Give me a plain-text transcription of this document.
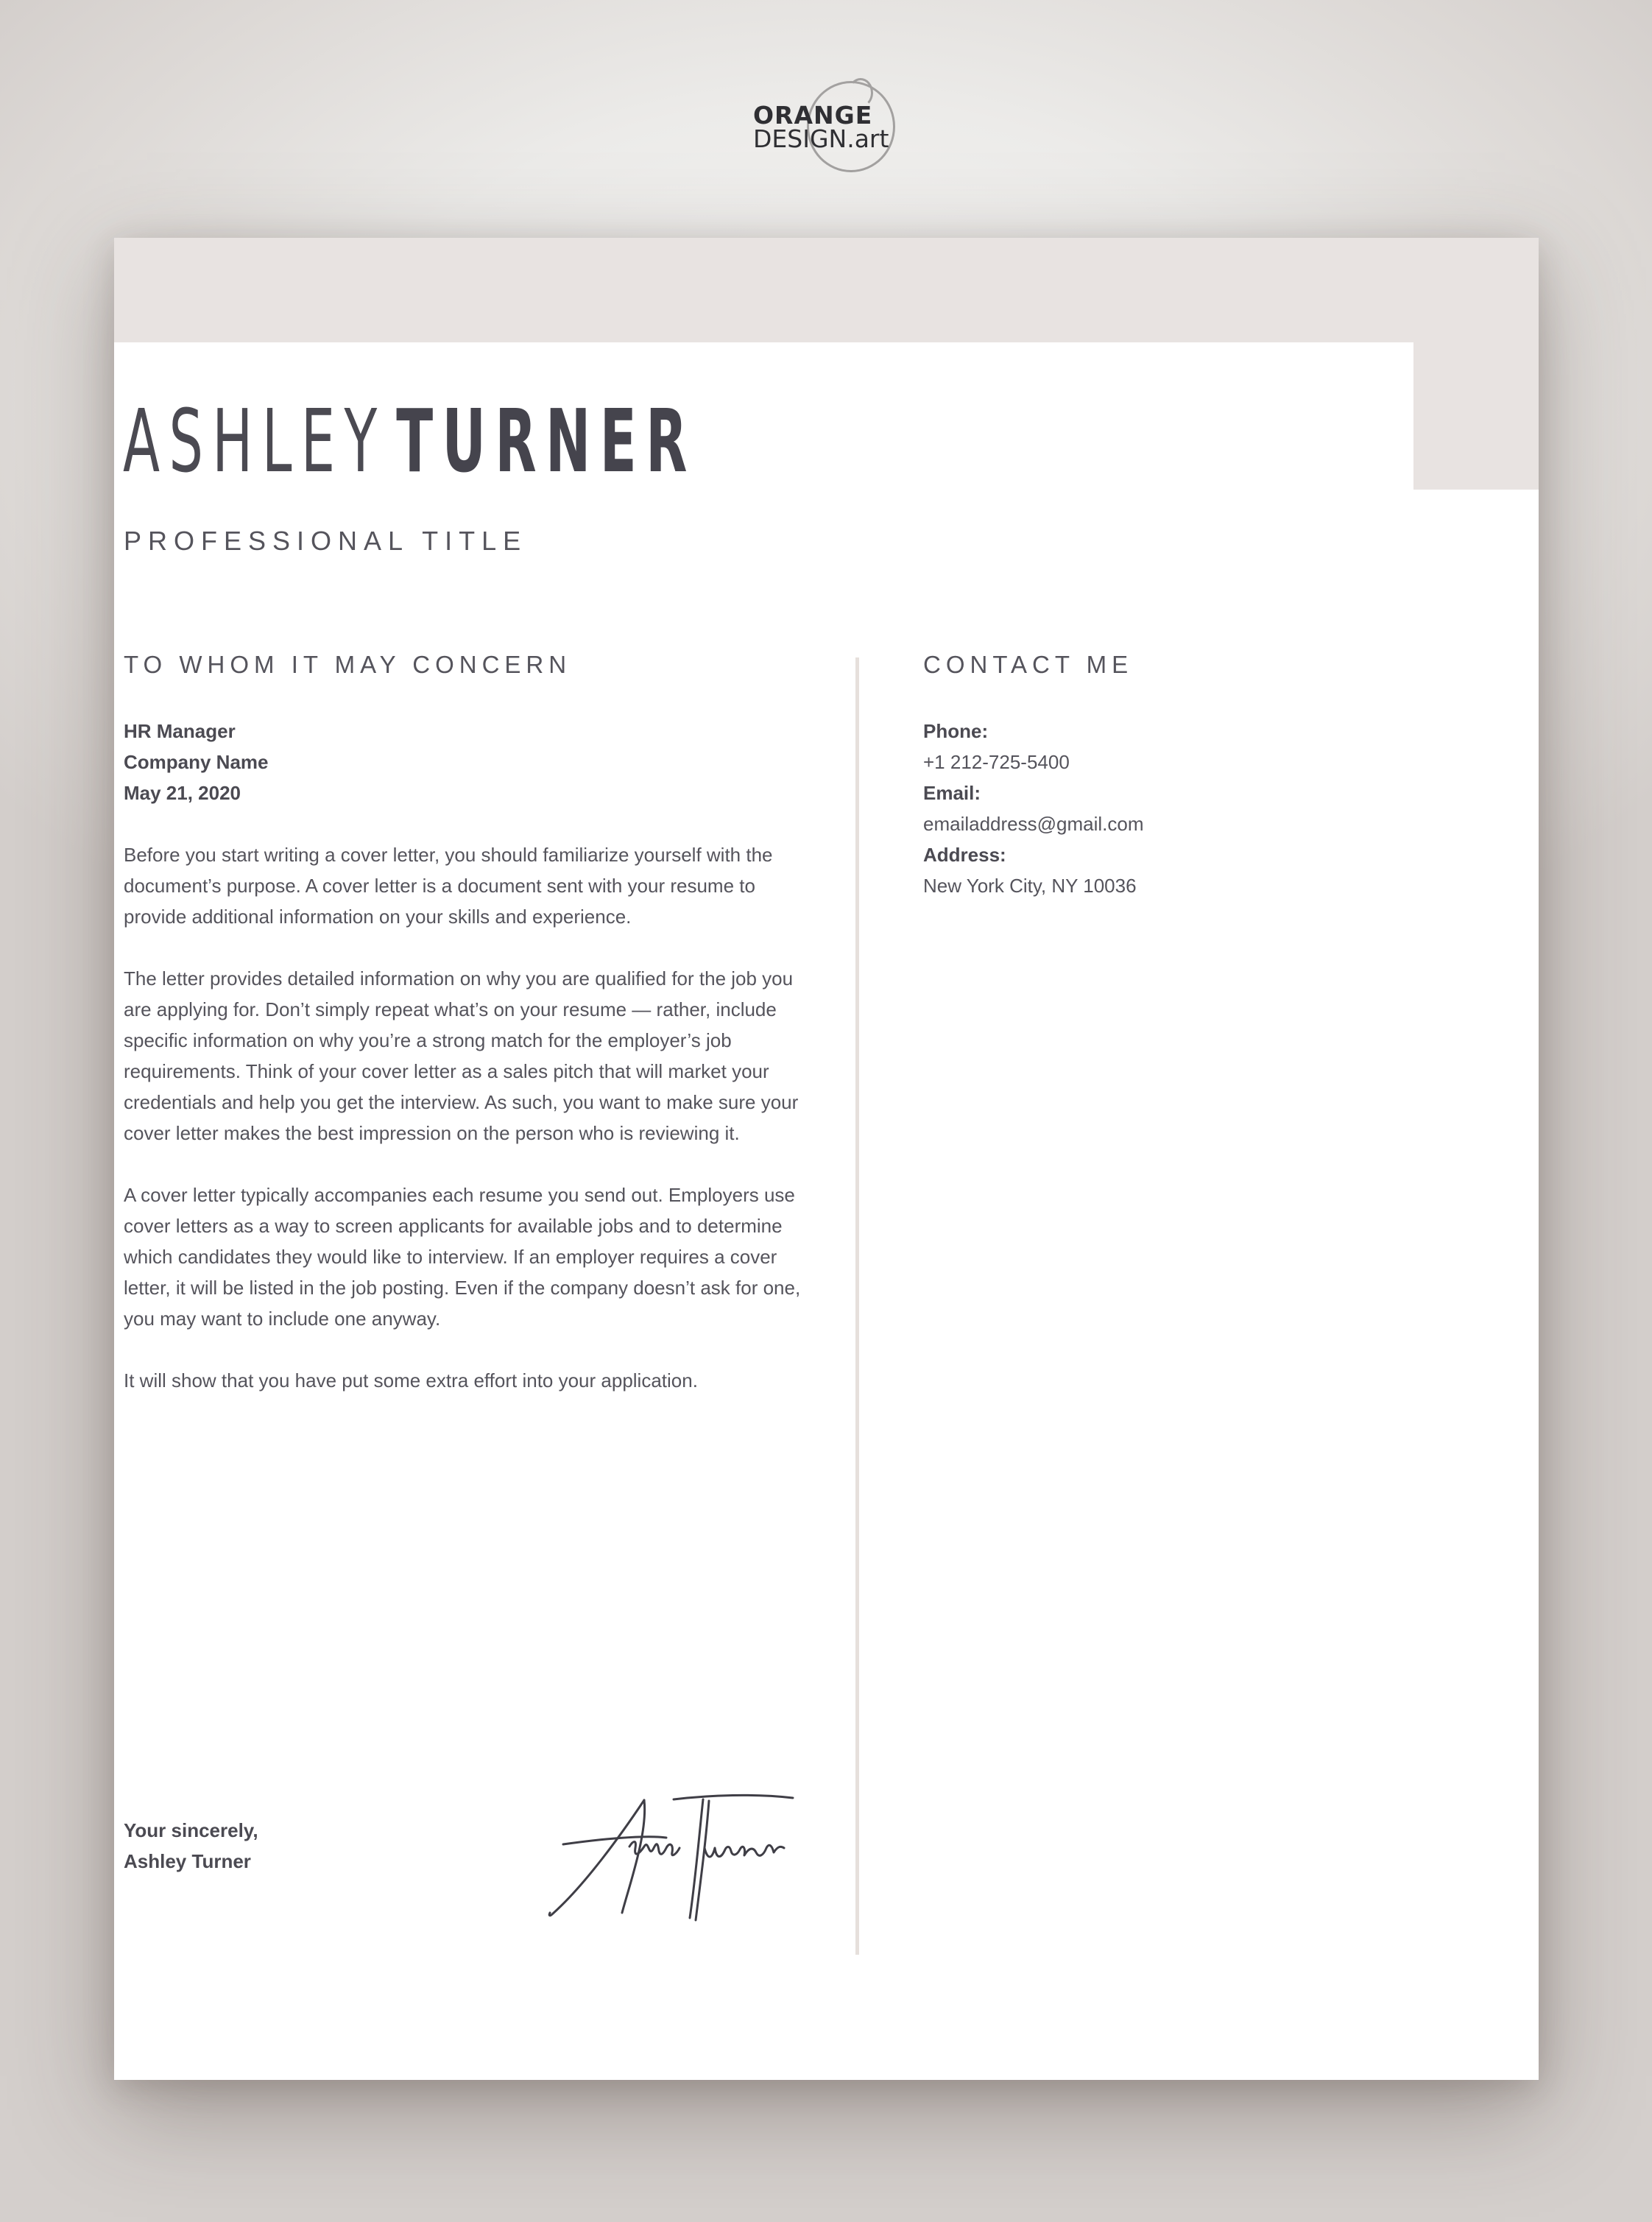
ORANGE
DESIGN.art
ASHLEY TURNER
PROFESSIONAL TITLE
TO WHOM IT MAY CONCERN	CONTACT ME

HR Manager

Company Name

May 21, 2020

Before you start writing a cover letter, you should familiarize yourself with the document’s purpose. A cover letter is a document sent with your resume to provide additional information on your skills and experience.

The letter provides detailed information on why you are qualified for the job you are applying for. Don’t simply repeat what’s on your resume — rather, include specific information on why you’re a strong match for the employer’s job requirements. Think of your cover letter as a sales pitch that will market your credentials and help you get the interview. As such, you want to make sure your cover letter makes the best impression on the person who is reviewing it.

A cover letter typically accompanies each resume you send out. Employers use cover letters as a way to screen applicants for available jobs and to determine which candidates they would like to interview. If an employer requires a cover letter, it will be listed in the job posting. Even if the company doesn’t ask for one, you may want to include one anyway.

It will show that you have put some extra effort into your application.

Your sincerely,

Ashley Turner

Phone:

+1 212-725-5400

Email:

emailaddress@gmail.com

Address:

New York City, NY 10036
